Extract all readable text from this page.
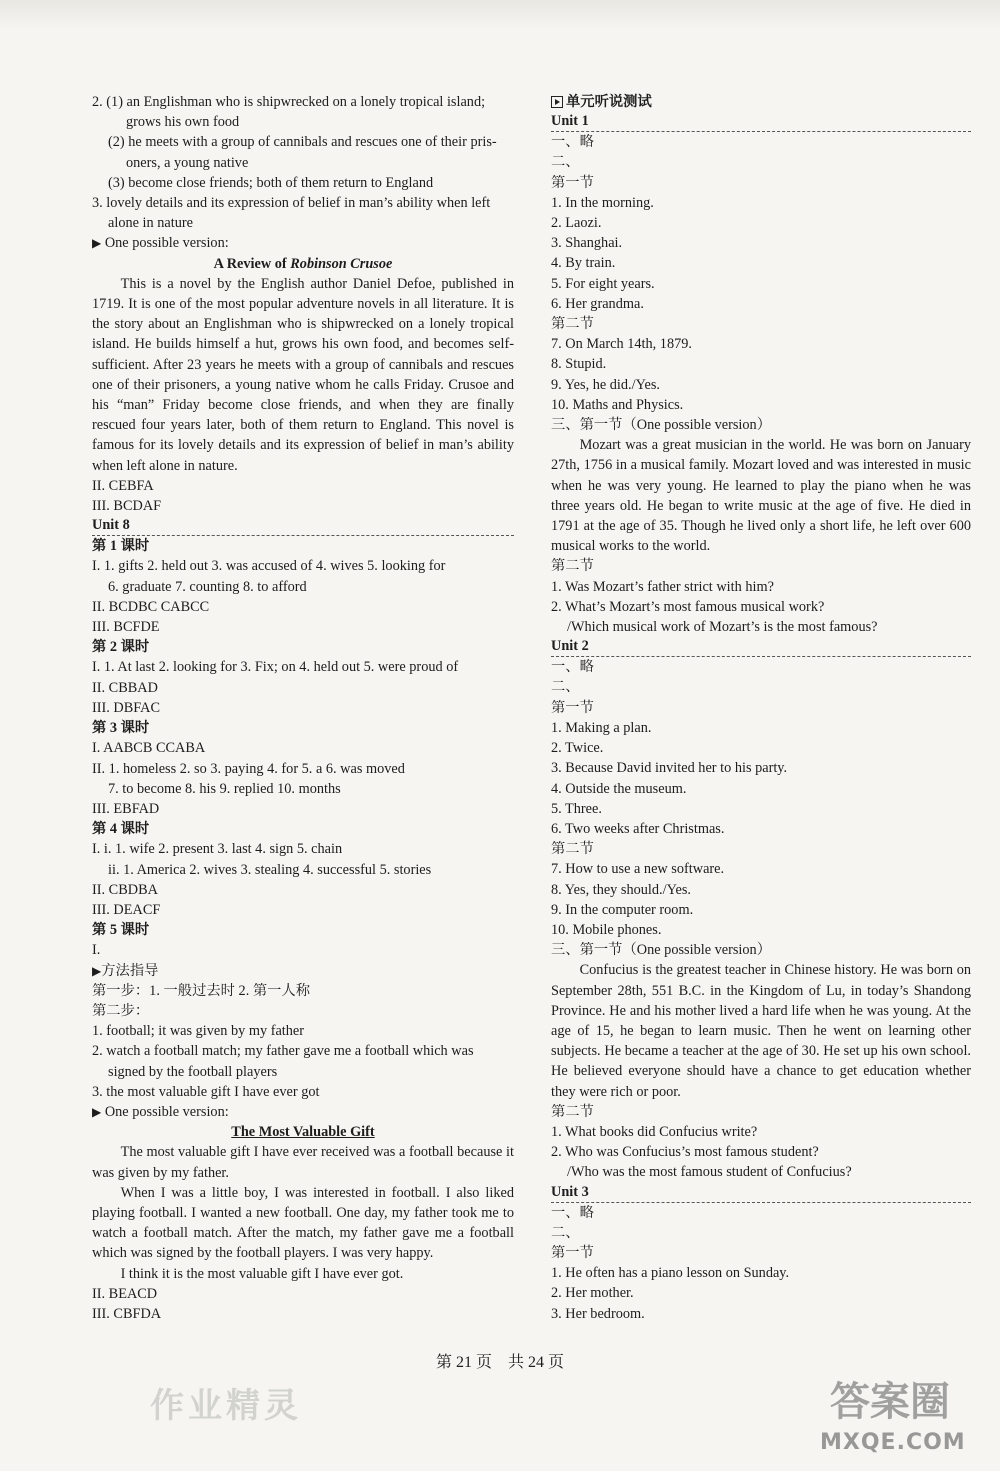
2. (1) an Englishman who is shipwrecked on a lonely tropical island;
grows his own food
(2) he meets with a group of cannibals and rescues one of their pris-
oners, a young native
(3) become close friends; both of them return to England
3. lovely details and its expression of belief in man’s ability when left
alone in nature
▶ One possible version:
A Review of Robinson Crusoe
This is a novel by the English author Daniel Defoe, published in 1719. It is one of the most popular adventure novels in all literature. It is the story about an Englishman who is shipwrecked on a lonely tropical island. He builds himself a hut, grows his own food, and becomes self-sufficient. After 23 years he meets with a group of cannibals and rescues one of their prisoners, a young native whom he calls Friday. Crusoe and his “man” Friday become close friends, and when they are finally rescued four years later, both of them return to England. This novel is famous for its lovely details and its expression of belief in man’s ability when left alone in nature.
II. CEBFA
III. BCDAF
Unit 8
第 1 课时
I. 1. gifts 2. held out 3. was accused of 4. wives 5. looking for
6. graduate 7. counting 8. to afford
II. BCDBC CABCC
III. BCFDE
第 2 课时
I. 1. At last 2. looking for 3. Fix; on 4. held out 5. were proud of
II. CBBAD
III. DBFAC
第 3 课时
I. AABCB CCABA
II. 1. homeless 2. so 3. paying 4. for 5. a 6. was moved
7. to become 8. his 9. replied 10. months
III. EBFAD
第 4 课时
I. i. 1. wife 2. present 3. last 4. sign 5. chain
ii. 1. America 2. wives 3. stealing 4. successful 5. stories
II. CBDBA
III. DEACF
第 5 课时
I.
▶方法指导
第一步：1. 一般过去时 2. 第一人称
第二步：
1. football; it was given by my father
2. watch a football match; my father gave me a football which was
signed by the football players
3. the most valuable gift I have ever got
▶ One possible version:
The Most Valuable Gift
The most valuable gift I have ever received was a football because it was given by my father.
When I was a little boy, I was interested in football. I also liked playing football. I wanted a new football. One day, my father took me to watch a football match. After the match, my father gave me a football which was signed by the football players. I was very happy.
I think it is the most valuable gift I have ever got.
II. BEACD
III. CBFDA
单元听说测试
Unit 1
一、略
二、
第一节
1. In the morning.
2. Laozi.
3. Shanghai.
4. By train.
5. For eight years.
6. Her grandma.
第二节
7. On March 14th, 1879.
8. Stupid.
9. Yes, he did./Yes.
10. Maths and Physics.
三、第一节（One possible version）
Mozart was a great musician in the world. He was born on January 27th, 1756 in a musical family. Mozart loved and was interested in music when he was very young. He learned to play the piano when he was three years old. He began to write music at the age of five. He died in 1791 at the age of 35. Though he lived only a short life, he left over 600 musical works to the world.
第二节
1. Was Mozart’s father strict with him?
2. What’s Mozart’s most famous musical work?
/Which musical work of Mozart’s is the most famous?
Unit 2
一、略
二、
第一节
1. Making a plan.
2. Twice.
3. Because David invited her to his party.
4. Outside the museum.
5. Three.
6. Two weeks after Christmas.
第二节
7. How to use a new software.
8. Yes, they should./Yes.
9. In the computer room.
10. Mobile phones.
三、第一节（One possible version）
Confucius is the greatest teacher in Chinese history. He was born on September 28th, 551 B.C. in the Kingdom of Lu, in today’s Shandong Province. He and his mother lived a hard life when he was young. At the age of 15, he began to learn music. Then he went on learning other subjects. He became a teacher at the age of 30. He set up his own school. He believed everyone should have a chance to get education whether they were rich or poor.
第二节
1. What books did Confucius write?
2. Who was Confucius’s most famous student?
/Who was the most famous student of Confucius?
Unit 3
一、略
二、
第一节
1. He often has a piano lesson on Sunday.
2. Her mother.
3. Her bedroom.
第 21 页　共 24 页
作业精灵	答案圈
MXQE.COM
